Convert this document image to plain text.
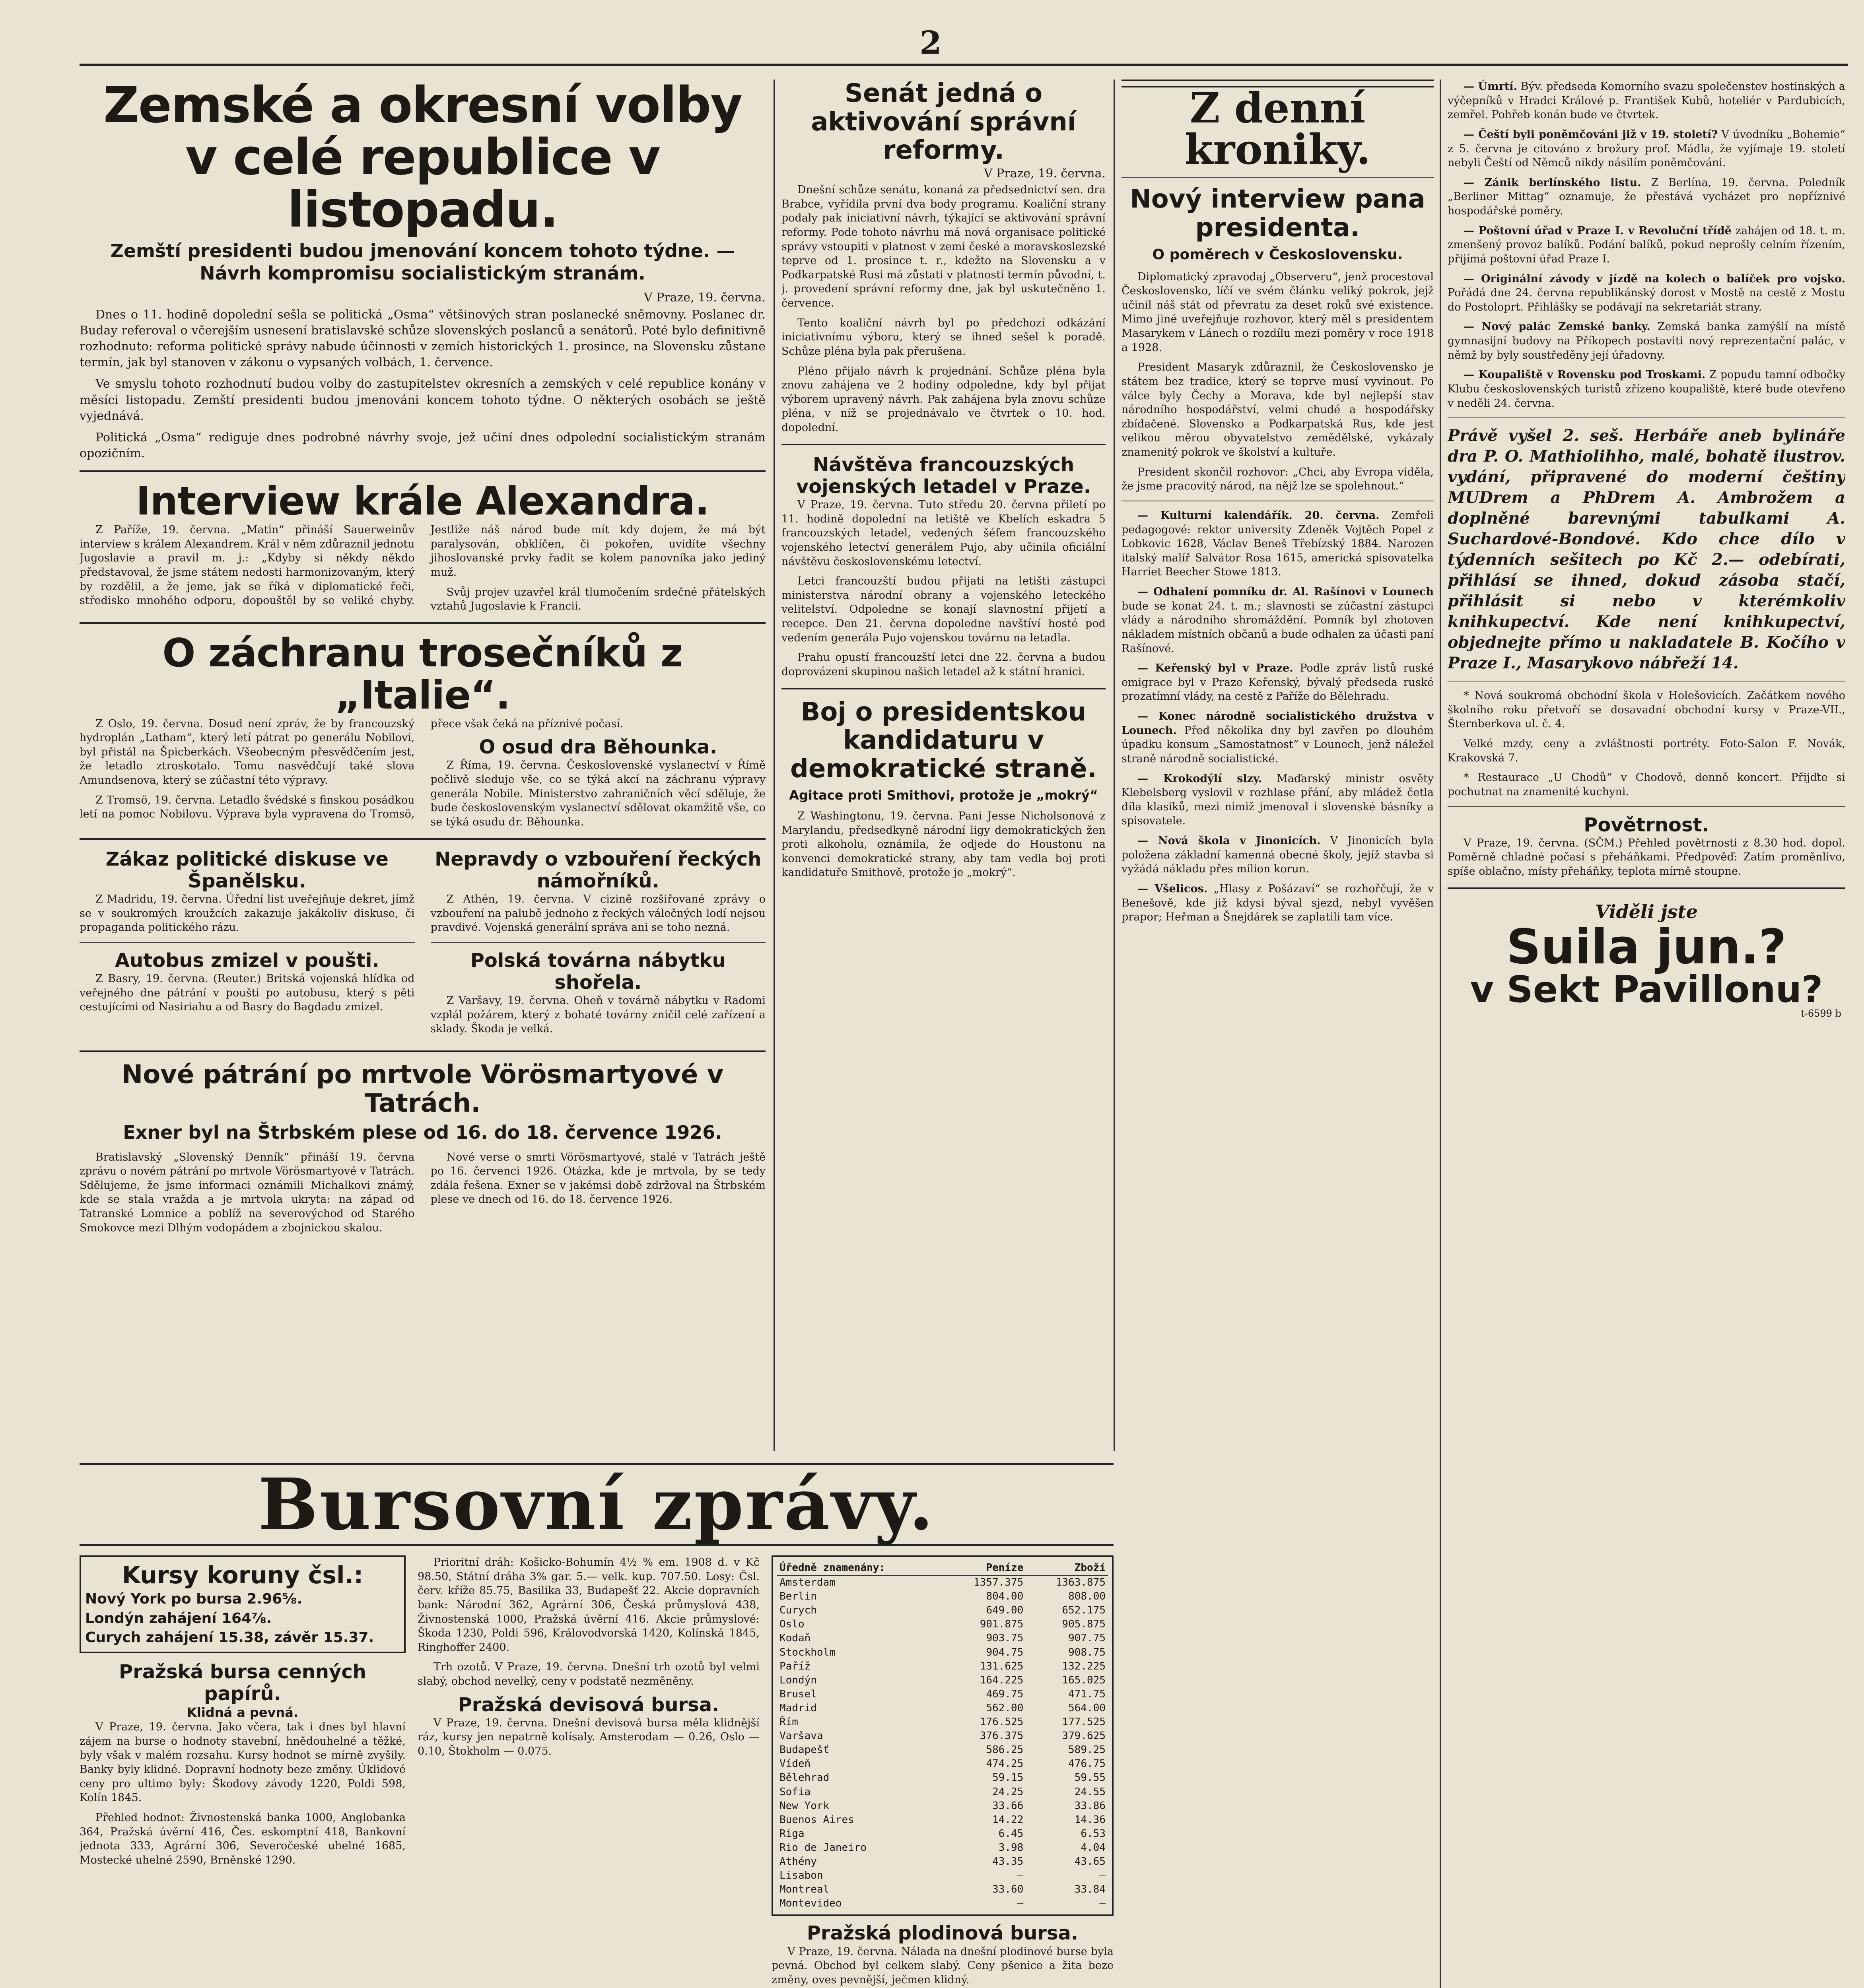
2
Zemské a okresní volby v celé republice v listopadu.
Zemští presidenti budou jmenování koncem tohoto týdne. — Návrh kompromisu socialistickým stranám.
V Praze, 19. června.

Dnes o 11. hodině dopolední sešla se politická „Osma“ většinových stran poslanecké sněmovny. Poslanec dr. Buday referoval o včerejším usnesení bratislavské schůze slovenských poslanců a senátorů. Poté bylo definitivně rozhodnuto: reforma politické správy nabude účinnosti v zemích historických 1. prosince, na Slovensku zůstane termín, jak byl stanoven v zákonu o vypsaných volbách, 1. července.

Ve smyslu tohoto rozhodnutí budou volby do zastupitelstev okresních a zemských v celé republice konány v měsíci listopadu. Zemští presidenti budou jmenováni koncem tohoto týdne. O některých osobách se ještě vyjednává.

Politická „Osma“ rediguje dnes podrobné návrhy svoje, jež učiní dnes odpolední socialistickým stranám opozičním.

Interview krále Alexandra.

Z Paříže, 19. června. „Matin“ přináší Sauerweinův interview s králem Alexandrem. Král v něm zdůraznil jednotu Jugoslavie a pravil m. j.: „Kdyby si někdy někdo představoval, že jsme státem nedosti harmonizovaným, který by rozdělil, a že jeme, jak se říká v diplomatické řeči, středisko mnohého odporu, dopouštěl by se veliké chyby. Jestliže náš národ bude mít kdy dojem, že má být paralysován, obklíčen, či pokořen, uvidíte všechny jihoslovanské prvky řadit se kolem panovníka jako jediný muž.

Svůj projev uzavřel král tlumočením srdečné přátelských vztahů Jugoslavie k Francii.

O záchranu trosečníků z „Italie“.

Z Oslo, 19. června. Dosud není zpráv, že by francouzský hydroplán „Latham“, který letí pátrat po generálu Nobilovi, byl přistál na Špicberkách. Všeobecným přesvědčením jest, že letadlo ztroskotalo. Tomu nasvědčují také slova Amundsenova, který se zúčastní této výpravy.

Z Tromsö, 19. června. Letadlo švédské s finskou posádkou letí na pomoc Nobilovu. Výprava byla vypravena do Tromsö, přece však čeká na příznivé počasí.

O osud dra Běhounka.

Z Říma, 19. června. Československé vyslanectví v Římě pečlivě sleduje vše, co se týká akcí na záchranu výpravy generála Nobile. Ministerstvo zahraničních věcí sděluje, že bude československým vyslanectví sdělovat okamžitě vše, co se týká osudu dr. Běhounka.

Zákaz politické diskuse ve Španělsku.

Z Madridu, 19. června. Úřední list uveřejňuje dekret, jímž se v soukromých kroužcích zakazuje jakákoliv diskuse, či propaganda politického rázu.

Autobus zmizel v poušti.

Z Basry, 19. června. (Reuter.) Britská vojenská hlídka od veřejného dne pátrání v poušti po autobusu, který s pěti cestujícími od Nasiriahu a od Basry do Bagdadu zmizel.

Nepravdy o vzbouření řeckých námořníků.

Z Athén, 19. června. V cizině rozšiřované zprávy o vzbouření na palubě jednoho z řeckých válečných lodí nejsou pravdivé. Vojenská generální správa ani se toho nezná.

Polská továrna nábytku shořela.

Z Varšavy, 19. června. Oheň v továrně nábytku v Radomi vzplál požárem, který z bohaté továrny zničil celé zařízení a sklady. Škoda je velká.

Nové pátrání po mrtvole Vörösmartyové v Tatrách.
Exner byl na Štrbském plese od 16. do 18. července 1926.

Bratislavský „Slovenský Denník“ přináší 19. června zprávu o novém pátrání po mrtvole Vörösmartyové v Tatrách. Sdělujeme, že jsme informaci oznámili Michalkovi známý, kde se stala vražda a je mrtvola ukryta: na západ od Tatranské Lomnice a poblíž na severovýchod od Starého Smokovce mezi Dlhým vodopádem a zbojnickou skalou.

Nové verse o smrti Vörösmartyové, stalé v Tatrách ještě po 16. červenci 1926. Otázka, kde je mrtvola, by se tedy zdála řešena. Exner se v jakémsi době zdržoval na Štrbském plese ve dnech od 16. do 18. července 1926.

Senát jedná o aktivování správní reformy.
V Praze, 19. června.

Dnešní schůze senátu, konaná za předsednictví sen. dra Brabce, vyřídila první dva body programu. Koaliční strany podaly pak iniciativní návrh, týkající se aktivování správní reformy. Pode tohoto návrhu má nová organisace politické správy vstoupiti v platnost v zemi české a moravskoslezské teprve od 1. prosince t. r., kdežto na Slovensku a v Podkarpatské Rusi má zůstati v platnosti termín původní, t. j. provedení správní reformy dne, jak byl uskutečněno 1. července.

Tento koaliční návrh byl po předchozí odkázání iniciativnímu výboru, který se ihned sešel k poradě. Schůze pléna byla pak přerušena.

Pléno přijalo návrh k projednání. Schůze pléna byla znovu zahájena ve 2 hodiny odpoledne, kdy byl přijat výborem upravený návrh. Pak zahájena byla znovu schůze pléna, v níž se projednávalo ve čtvrtek o 10. hod. dopolední.

Návštěva francouzských vojenských letadel v Praze.

V Praze, 19. června. Tuto středu 20. června přiletí po 11. hodině dopolední na letiště ve Kbelích eskadra 5 francouzských letadel, vedených šéfem francouzského vojenského letectví generálem Pujo, aby učinila oficiální návštěvu československému letectví.

Letci francouzští budou přijati na letišti zástupci ministerstva národní obrany a vojenského leteckého velitelství. Odpoledne se konají slavnostní přijetí a recepce. Den 21. června dopoledne navštíví hosté pod vedením generála Pujo vojenskou továrnu na letadla.

Prahu opustí francouzští letci dne 22. června a budou doprovázeni skupinou našich letadel až k státní hranici.

Boj o presidentskou kandidaturu v demokratické straně.
Agitace proti Smithovi, protože je „mokrý“

Z Washingtonu, 19. června. Pani Jesse Nicholsonová z Marylandu, předsedkyně národní ligy demokratických žen proti alkoholu, oznámila, že odjede do Houstonu na konvenci demokratické strany, aby tam vedla boj proti kandidatuře Smithově, protože je „mokrý“.

Z denní kroniky.
Nový interview pana presidenta.
O poměrech v Československu.

Diplomatický zpravodaj „Observeru“, jenž procestoval Československo, líčí ve svém článku veliký pokrok, jejž učinil náš stát od převratu za deset roků své existence. Mimo jiné uveřejňuje rozhovor, který měl s presidentem Masarykem v Lánech o rozdílu mezi poměry v roce 1918 a 1928.

President Masaryk zdůraznil, že Československo je státem bez tradice, který se teprve musí vyvinout. Po válce byly Čechy a Morava, kde byl nejlepší stav národního hospodářství, velmi chudé a hospodářsky zbídačené. Slovensko a Podkarpatská Rus, kde jest velikou měrou obyvatelstvo zemědělské, vykázaly znamenitý pokrok ve školství a kultuře.

President skončil rozhovor: „Chci, aby Evropa viděla, že jsme pracovitý národ, na nějž lze se spolehnout.“

— Kulturní kalendářík. 20. června. Zemřeli pedagogové: rektor university Zdeněk Vojtěch Popel z Lobkovic 1628, Václav Beneš Třebízský 1884. Narozen italský malíř Salvátor Rosa 1615, americká spisovatelka Harriet Beecher Stowe 1813.

— Odhalení pomníku dr. Al. Rašínovi v Lounech bude se konat 24. t. m.; slavnosti se zúčastní zástupci vlády a národního shromáždění. Pomník byl zhotoven nákladem místních občanů a bude odhalen za účasti paní Rašínové.

— Keřenský byl v Praze. Podle zpráv listů ruské emigrace byl v Praze Keřenský, bývalý předseda ruské prozatímní vlády, na cestě z Paříže do Bělehradu.

— Konec národně socialistického družstva v Lounech. Před několika dny byl zavřen po dlouhém úpadku konsum „Samostatnost“ v Lounech, jenž náležel straně národně socialistické.

— Krokodýlí slzy. Maďarský ministr osvěty Klebelsberg vyslovil v rozhlase přání, aby mládež četla díla klasiků, mezi nimiž jmenoval i slovenské básníky a spisovatele.

— Nová škola v Jinonicích. V Jinonicích byla položena základní kamenná obecné školy, jejíž stavba si vyžádá nákladu přes milion korun.

— Všelicos. „Hlasy z Pošázaví“ se rozhořčují, že v Benešově, kde již kdysi býval sjezd, nebyl vyvěšen prapor; Heřman a Šnejdárek se zaplatili tam více.

— Úmrtí. Býv. předseda Komorního svazu společenstev hostinských a výčepníků v Hradci Králové p. František Kubů, hoteliér v Pardubicích, zemřel. Pohřeb konán bude ve čtvrtek.

— Čeští byli poněmčováni již v 19. století? V úvodníku „Bohemie“ z 5. června je citováno z brožury prof. Mádla, že vyjímaje 19. století nebyli Čeští od Němců nikdy násilím poněmčováni.

— Zánik berlínského listu. Z Berlína, 19. června. Poledník „Berliner Mittag“ oznamuje, že přestává vycházet pro nepříznivé hospodářské poměry.

— Poštovní úřad v Praze I. v Revoluční třídě zahájen od 18. t. m. zmenšený provoz balíků. Podání balíků, pokud neprošly celním řízením, přijímá poštovní úřad Praze I.

— Originální závody v jízdě na kolech o balíček pro vojsko. Pořádá dne 24. června republikánský dorost v Mostě na cestě z Mostu do Postoloprt. Přihlášky se podávají na sekretariát strany.

— Nový palác Zemské banky. Zemská banka zamýšlí na místě gymnasijní budovy na Příkopech postaviti nový reprezentační palác, v němž by byly soustředěny její úřadovny.

— Koupaliště v Rovensku pod Troskami. Z popudu tamní odbočky Klubu československých turistů zřízeno koupaliště, které bude otevřeno v neděli 24. června.

Právě vyšel 2. seš. Herbáře aneb bylináře dra P. O. Mathiolihho, malé, bohatě ilustrov. vydání, připravené do moderní češtiny MUDrem a PhDrem A. Ambrožem a doplněné barevnými tabulkami A. Suchardové-Bondové. Kdo chce dílo v týdenních sešitech po Kč 2.— odebírati, přihlásí se ihned, dokud zásoba stačí, přihlásit si nebo v kterémkoliv knihkupectví. Kde není knihkupectví, objednejte přímo u nakladatele B. Kočího v Praze I., Masarykovo nábřeží 14.

* Nová soukromá obchodní škola v Holešovicích. Začátkem nového školního roku přetvoří se dosavadní obchodní kursy v Praze-VII., Šternberkova ul. č. 4.

Velké mzdy, ceny a zvláštnosti portréty. Foto-Salon F. Novák, Krakovská 7.

* Restaurace „U Chodů“ v Chodově, denně koncert. Přijďte si pochutnat na znamenité kuchyni.

Povětrnost.

V Praze, 19. června. (SČM.) Přehled povětrnosti z 8.30 hod. dopol. Poměrně chladné počasí s přeháňkami. Předpověď: Zatím proměnlivo, spíše oblačno, místy přeháňky, teplota mírně stoupne.

Viděli jste
Suila jun.?
v Sekt Pavillonu?
t-6599 b
Bursovní zprávy.
Kursy koruny čsl.:
Nový York po bursa 2.96⅝.
Londýn zahájení 164⅞.
Curych zahájení 15.38, závěr 15.37.
Pražská bursa cenných papírů.
Klidná a pevná.

V Praze, 19. června. Jako včera, tak i dnes byl hlavní zájem na burse o hodnoty stavební, hnědouhelné a těžké, byly však v malém rozsahu. Kursy hodnot se mírně zvyšily. Banky byly klidné. Dopravní hodnoty beze změny. Úklidové ceny pro ultimo byly: Škodovy závody 1220, Poldi 598, Kolín 1845.

Přehled hodnot: Živnostenská banka 1000, Anglobanka 364, Pražská úvěrní 416, Čes. eskomptní 418, Bankovní jednota 333, Agrární 306, Severočeské uhelné 1685, Mostecké uhelné 2590, Brněnské 1290.

Prioritní dráh: Košicko-Bohumín 4½ % em. 1908 d. v Kč 98.50, Státní dráha 3% gar. 5.— velk. kup. 707.50. Losy: Čsl. červ. kříže 85.75, Basilika 33, Budapešť 22. Akcie dopravních bank: Národní 362, Agrární 306, Česká průmyslová 438, Živnostenská 1000, Pražská úvěrní 416. Akcie průmyslové: Škoda 1230, Poldi 596, Královodvorská 1420, Kolínská 1845, Ringhoffer 2400.

Trh ozotů. V Praze, 19. června. Dnešní trh ozotů byl velmi slabý, obchod nevelký, ceny v podstatě nezměněny.

Pražská devisová bursa.

V Praze, 19. června. Dnešní devisová bursa měla klidnější ráz, kursy jen nepatrně kolísaly. Amsterodam — 0.26, Oslo — 0.10, Štokholm — 0.075.

Úředně znamenány:	Peníze	Zboží
Amsterdam	1357.375	1363.875
Berlin	804.00	808.00
Curych	649.00	652.175
Oslo	901.875	905.875
Kodaň	903.75	907.75
Stockholm	904.75	908.75
Paříž	131.625	132.225
Londýn	164.225	165.025
Brusel	469.75	471.75
Madrid	562.00	564.00
Řím	176.525	177.525
Varšava	376.375	379.625
Budapešť	586.25	589.25
Vídeň	474.25	476.75
Bělehrad	59.15	59.55
Sofia	24.25	24.55
New York	33.66	33.86
Buenos Aires	14.22	14.36
Riga	6.45	6.53
Rio de Janeiro	3.98	4.04
Athény	43.35	43.65
Lisabon	—	—
Montreal	33.60	33.84
Montevideo	—	—
Pražská plodinová bursa.

V Praze, 19. června. Nálada na dnešní plodinové burse byla pevná. Obchod byl celkem slabý. Ceny pšenice a žita beze změny, oves pevnější, ječmen klidný.
